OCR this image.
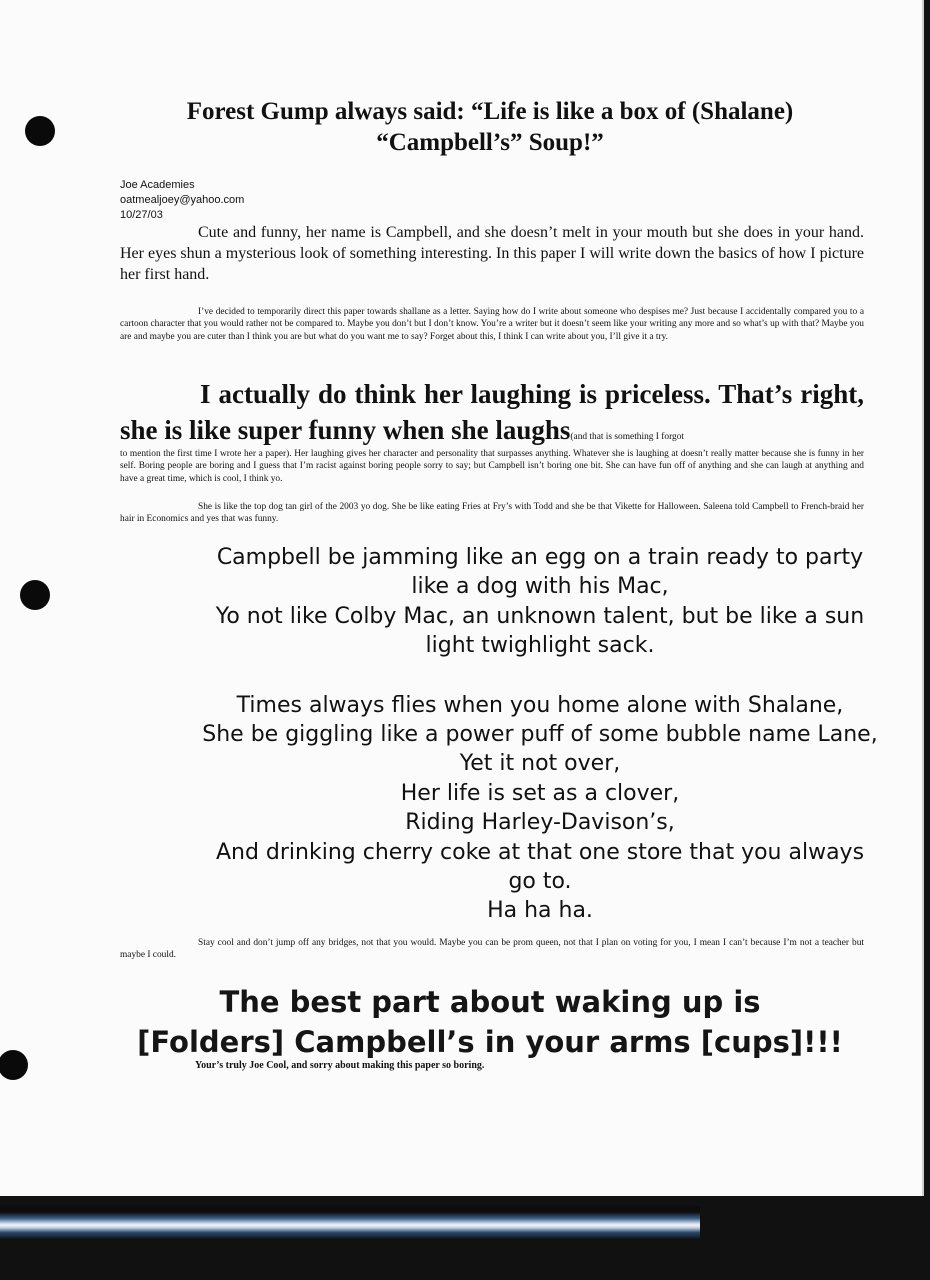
Forest Gump always said: “Life is like a box of (Shalane)
“Campbell’s” Soup!”
Joe Academies
oatmealjoey@yahoo.com
10/27/03
Cute and funny, her name is Campbell, and she doesn’t melt in your mouth but she does in your hand. Her eyes shun a mysterious look of something interesting. In this paper I will write down the basics of how I picture her first hand.
I’ve decided to temporarily direct this paper towards shallane as a letter. Saying how do I write about someone who despises me? Just because I accidentally compared you to a cartoon character that you would rather not be compared to. Maybe you don’t but I don’t know. You’re a writer but it doesn’t seem like your writing any more and so what’s up with that? Maybe you are and maybe you are cuter than I think you are but what do you want me to say? Forget about this, I think I can write about you, I’ll give it a try.
I actually do think her laughing is priceless. That’s right, she is like super funny when she laughs(and that is something I forgot
to mention the first time I wrote her a paper). Her laughing gives her character and personality that surpasses anything. Whatever she is laughing at doesn’t really matter because she is funny in her self. Boring people are boring and I guess that I’m racist against boring people sorry to say; but Campbell isn’t boring one bit. She can have fun off of anything and she can laugh at anything and have a great time, which is cool, I think yo.
She is like the top dog tan girl of the 2003 yo dog. She be like eating Fries at Fry’s with Todd and she be that Vikette for Halloween. Saleena told Campbell to French-braid her hair in Economics and yes that was funny.
Campbell be jamming like an egg on a train ready to party
like a dog with his Mac,
Yo not like Colby Mac, an unknown talent, but be like a sun
light twighlight sack.
Times always flies when you home alone with Shalane,
She be giggling like a power puff of some bubble name Lane,
Yet it not over,
Her life is set as a clover,
Riding Harley-Davison’s,
And drinking cherry coke at that one store that you always
go to.
Ha ha ha.
Stay cool and don’t jump off any bridges, not that you would. Maybe you can be prom queen, not that I plan on voting for you, I mean I can’t because I’m not a teacher but maybe I could.
The best part about waking up is
[Folders] Campbell’s in your arms [cups]!!!
Your’s truly Joe Cool, and sorry about making this paper so boring.
